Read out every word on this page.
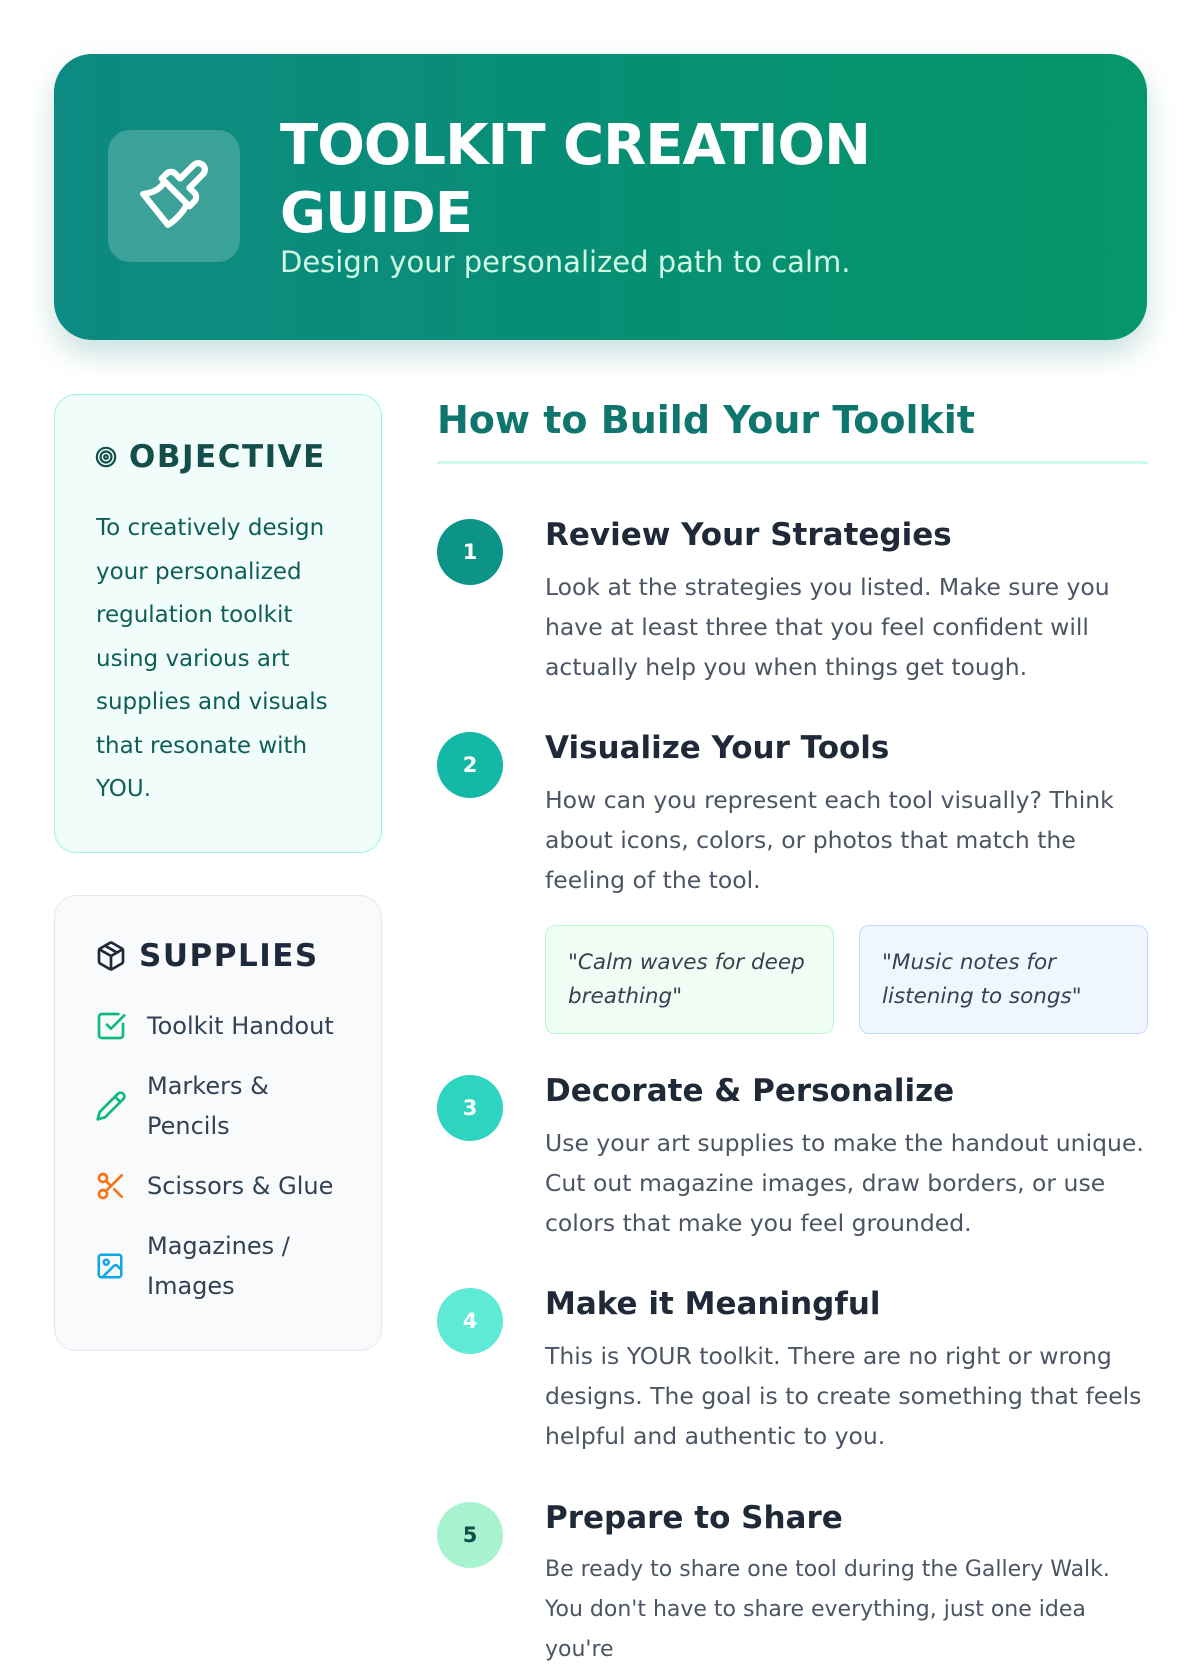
TOOLKIT CREATION GUIDE

Design your personalized path to calm.

OBJECTIVE

To creatively design your personalized regulation toolkit using various art supplies and visuals that resonate with YOU.

SUPPLIES
Toolkit Handout
Markers & Pencils
Scissors & Glue
Magazines / Images
How to Build Your Toolkit
1	Review Your Strategies

Look at the strategies you listed. Make sure you have at least three that you feel confident will actually help you when things get tough.

2	Visualize Your Tools

How can you represent each tool visually? Think about icons, colors, or photos that match the feeling of the tool.

"Calm waves for deep breathing"
"Music notes for listening to songs"
3	Decorate & Personalize

Use your art supplies to make the handout unique. Cut out magazine images, draw borders, or use colors that make you feel grounded.

4	Make it Meaningful

This is YOUR toolkit. There are no right or wrong designs. The goal is to create something that feels helpful and authentic to you.

5	Prepare to Share

Be ready to share one tool during the Gallery Walk. You don't have to share everything, just one idea you're
